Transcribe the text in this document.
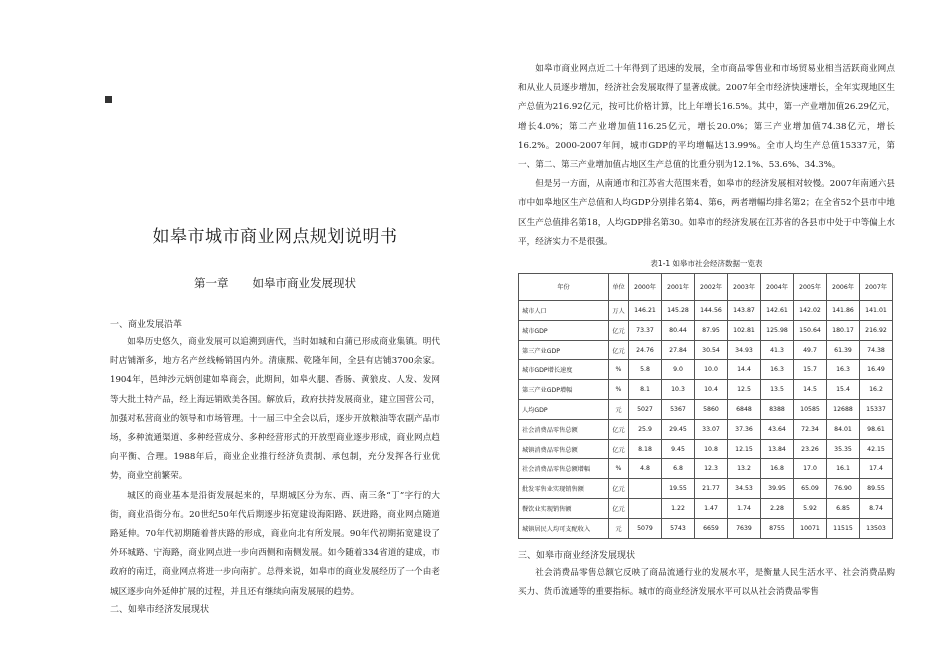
如皋市城市商业网点规划说明书
第一章 如皋市商业发展现状

一、商业发展沿革

如皋历史悠久，商业发展可以追溯到唐代，当时如城和白蒲已形成商业集镇。明代时店铺渐多，地方名产丝线畅销国内外。清康熙、乾隆年间，全县有店铺3700余家。1904年，邑绅沙元炳创建如皋商会，此期间，如皋火腿、香肠、黄狼皮、人发、发网等大批土特产品，经上海远销欧美各国。解放后，政府扶持发展商业，建立国营公司，加强对私营商业的领导和市场管理。十一届三中全会以后，逐步开放粮油等农副产品市场，多种流通渠道、多种经营成分、多种经营形式的开放型商业逐步形成，商业网点趋向平衡、合理。1988年后，商业企业推行经济负责制、承包制，充分发挥各行业优势，商业空前繁荣。

城区的商业基本是沿街发展起来的，早期城区分为东、西、南三条“丁”字行的大街，商业沿街分布。20世纪50年代后期逐步拓宽建设海阳路、跃进路，商业网点随道路延伸。70年代初期随着普庆路的形成，商业向北有所发展。90年代初期拓宽建设了外环城路、宁海路，商业网点进一步向西侧和南侧发展。如今随着334省道的建成，市政府的南迁，商业网点将进一步向南扩。总得来说，如皋市的商业发展经历了一个由老城区逐步向外延伸扩展的过程，并且还有继续向南发展展的趋势。

二、如皋市经济发展现状

如皋市商业网点近二十年得到了迅速的发展，全市商品零售业和市场贸易业相当活跃商业网点和从业人员逐步增加，经济社会发展取得了显著成就。2007年全市经济快速增长，全年实现地区生产总值为216.92亿元，按可比价格计算，比上年增长16.5%。其中，第一产业增加值26.29亿元，增长4.0%；第二产业增加值116.25亿元，增长20.0%；第三产业增加值74.38亿元，增长16.2%。2000-2007年间，城市GDP的平均增幅达13.99%。全市人均生产总值15337元，第一、第二、第三产业增加值占地区生产总值的比重分别为12.1%、53.6%、34.3%。

但是另一方面，从南通市和江苏省大范围来看，如皋市的经济发展相对较慢。2007年南通六县市中如皋地区生产总值和人均GDP分别排名第4、第6，两者增幅均排名第2；在全省52个县市中地区生产总值排名第18，人均GDP排名第30。如皋市的经济发展在江苏省的各县市中处于中等偏上水平，经济实力不是很强。

表1-1 如皋市社会经济数据一览表
年份	单位	2000年	2001年	2002年	2003年	2004年	2005年	2006年	2007年
城市人口	万人	146.21	145.28	144.56	143.87	142.61	142.02	141.86	141.01
城市GDP	亿元	73.37	80.44	87.95	102.81	125.98	150.64	180.17	216.92
第三产业GDP	亿元	24.76	27.84	30.54	34.93	41.3	49.7	61.39	74.38
城市GDP增长速度	%	5.8	9.0	10.0	14.4	16.3	15.7	16.3	16.49
第三产业GDP增幅	%	8.1	10.3	10.4	12.5	13.5	14.5	15.4	16.2
人均GDP	元	5027	5367	5860	6848	8388	10585	12688	15337
社会消费品零售总额	亿元	25.9	29.45	33.07	37.36	43.64	72.34	84.01	98.61
城镇消费品零售总额	亿元	8.18	9.45	10.8	12.15	13.84	23.26	35.35	42.15
社会消费品零售总额增幅	%	4.8	6.8	12.3	13.2	16.8	17.0	16.1	17.4
批发零售业实现销售额	亿元		19.55	21.77	34.53	39.95	65.09	76.90	89.55
餐饮业实现销售额	亿元		1.22	1.47	1.74	2.28	5.92	6.85	8.74
城镇居民人均可支配收入	元	5079	5743	6659	7639	8755	10071	11515	13503

三、如皋市商业经济发展现状

社会消费品零售总额它反映了商品流通行业的发展水平，是衡量人民生活水平、社会消费品购买力、货币流通等的重要指标。城市的商业经济发展水平可以从社会消费品零售
